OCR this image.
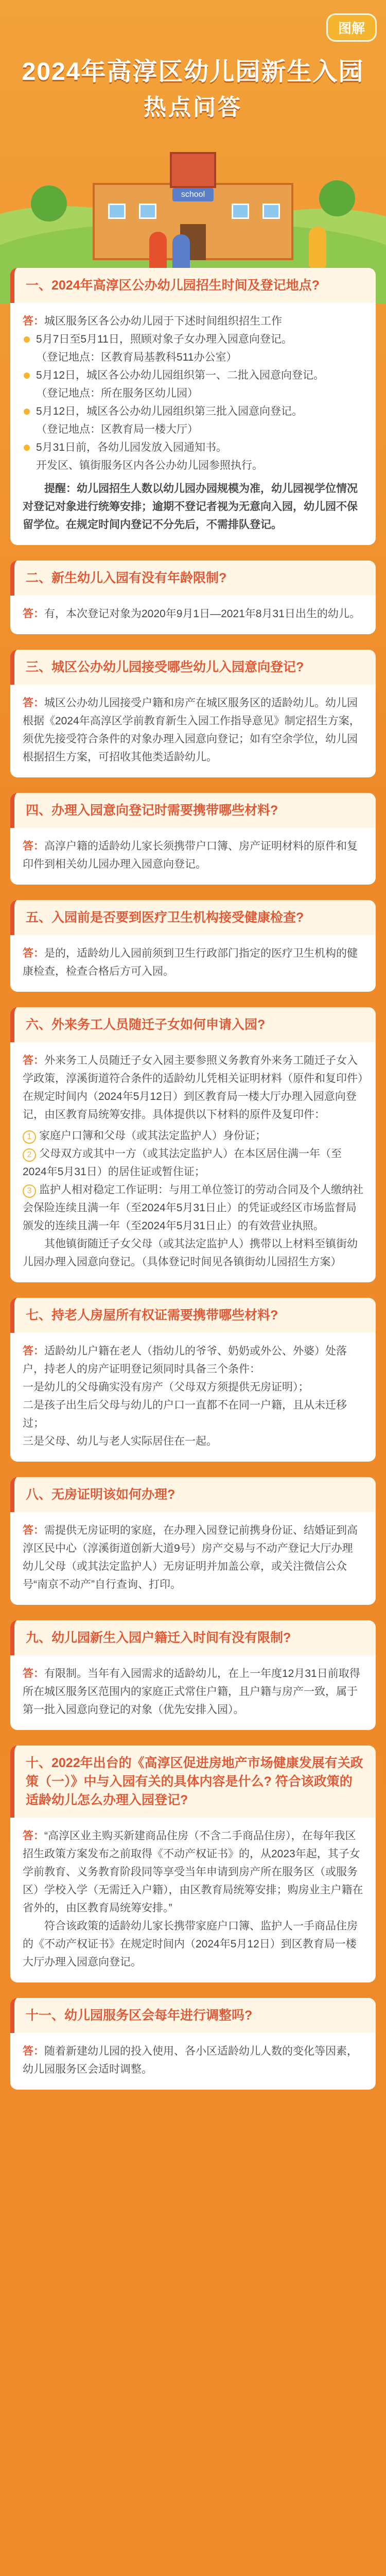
图解
2024年高淳区幼儿园新生入园
热点问答
school
一、2024年高淳区公办幼儿园招生时间及登记地点?
答：城区服务区各公办幼儿园于下述时间组织招生工作
5月7日至5月11日，照顾对象子女办理入园意向登记。
（登记地点：区教育局基教科511办公室）
5月12日，城区各公办幼儿园组织第一、二批入园意向登记。
（登记地点：所在服务区幼儿园）
5月12日，城区各公办幼儿园组织第三批入园意向登记。
（登记地点：区教育局一楼大厅）
5月31日前，各幼儿园发放入园通知书。
开发区、镇街服务区内各公办幼儿园参照执行。
提醒：幼儿园招生人数以幼儿园办园规模为准，幼儿园视学位情况对登记对象进行统筹安排；逾期不登记者视为无意向入园，幼儿园不保留学位。在规定时间内登记不分先后，不需排队登记。
二、新生幼儿入园有没有年龄限制?
答：有，本次登记对象为2020年9月1日—2021年8月31日出生的幼儿。
三、城区公办幼儿园接受哪些幼儿入园意向登记?
答：城区公办幼儿园接受户籍和房产在城区服务区的适龄幼儿。幼儿园根据《2024年高淳区学前教育新生入园工作指导意见》制定招生方案，须优先接受符合条件的对象办理入园意向登记；如有空余学位，幼儿园根据招生方案，可招收其他类适龄幼儿。
四、办理入园意向登记时需要携带哪些材料?
答：高淳户籍的适龄幼儿家长须携带户口簿、房产证明材料的原件和复印件到相关幼儿园办理入园意向登记。
五、入园前是否要到医疗卫生机构接受健康检查?
答：是的，适龄幼儿入园前须到卫生行政部门指定的医疗卫生机构的健康检查，检查合格后方可入园。
六、外来务工人员随迁子女如何申请入园?
答：外来务工人员随迁子女入园主要参照义务教育外来务工随迁子女入学政策，淳溪街道符合条件的适龄幼儿凭相关证明材料（原件和复印件）在规定时间内（2024年5月12日）到区教育局一楼大厅办理入园意向登记，由区教育局统筹安排。具体提供以下材料的原件及复印件：
1 家庭户口簿和父母（或其法定监护人）身份证；
2 父母双方或其中一方（或其法定监护人）在本区居住满一年（至2024年5月31日）的居住证或暂住证；
3 监护人相对稳定工作证明：与用工单位签订的劳动合同及个人缴纳社会保险连续且满一年（至2024年5月31日止）的凭证或经区市场监督局颁发的连续且满一年（至2024年5月31日止）的有效营业执照。
其他镇街随迁子女父母（或其法定监护人）携带以上材料至镇街幼儿园办理入园意向登记。（具体登记时间见各镇街幼儿园招生方案）
七、持老人房屋所有权证需要携带哪些材料?
答：适龄幼儿户籍在老人（指幼儿的爷爷、奶奶或外公、外婆）处落户，持老人的房产证明登记须同时具备三个条件：
一是幼儿的父母确实没有房产（父母双方须提供无房证明）；
二是孩子出生后父母与幼儿的户口一直都不在同一户籍，且从未迁移过；
三是父母、幼儿与老人实际居住在一起。
八、无房证明该如何办理?
答：需提供无房证明的家庭，在办理入园登记前携身份证、结婚证到高淳区民中心（淳溪街道创新大道9号）房产交易与不动产登记大厅办理幼儿父母（或其法定监护人）无房证明并加盖公章，或关注微信公众号“南京不动产”自行查询、打印。
九、幼儿园新生入园户籍迁入时间有没有限制?
答：有限制。当年有入园需求的适龄幼儿，在上一年度12月31日前取得所在城区服务区范围内的家庭正式常住户籍，且户籍与房产一致，属于第一批入园意向登记的对象（优先安排入园）。
十、2022年出台的《高淳区促进房地产市场健康发展有关政策（一）》中与入园有关的具体内容是什么? 符合该政策的适龄幼儿怎么办理入园登记?
答：“高淳区业主购买新建商品住房（不含二手商品住房），在每年我区招生政策方案发布之前取得《不动产权证书》的，从2023年起，其子女学前教育、义务教育阶段同等享受当年申请到房产所在服务区（或服务区）学校入学（无需迁入户籍），由区教育局统筹安排；购房业主户籍在省外的，由区教育局统筹安排。”
符合该政策的适龄幼儿家长携带家庭户口簿、监护人一手商品住房的《不动产权证书》在规定时间内（2024年5月12日）到区教育局一楼大厅办理入园意向登记。
十一、幼儿园服务区会每年进行调整吗?
答：随着新建幼儿园的投入使用、各小区适龄幼儿人数的变化等因素，幼儿园服务区会适时调整。
